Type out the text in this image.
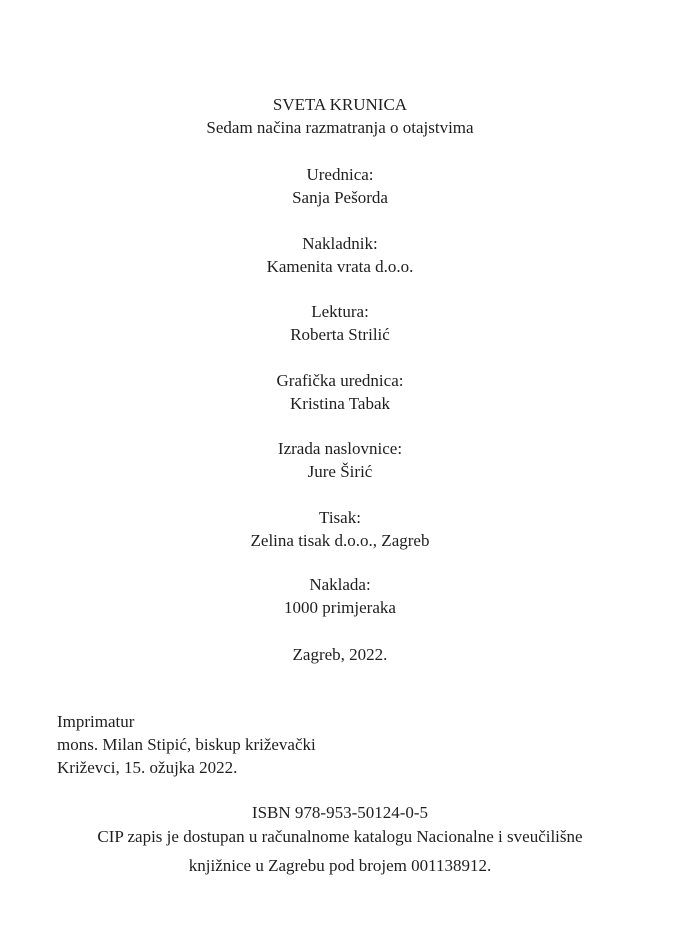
SVETA KRUNICA
Sedam načina razmatranja o otajstvima
Urednica:
Sanja Pešorda
Nakladnik:
Kamenita vrata d.o.o.
Lektura:
Roberta Strilić
Grafička urednica:
Kristina Tabak
Izrada naslovnice:
Jure Širić
Tisak:
Zelina tisak d.o.o., Zagreb
Naklada:
1000 primjeraka
Zagreb, 2022.
Imprimatur
mons. Milan Stipić, biskup križevački
Križevci, 15. ožujka 2022.
ISBN 978-953-50124-0-5
CIP zapis je dostupan u računalnome katalogu Nacionalne i sveučilišne
knjižnice u Zagrebu pod brojem 001138912.
